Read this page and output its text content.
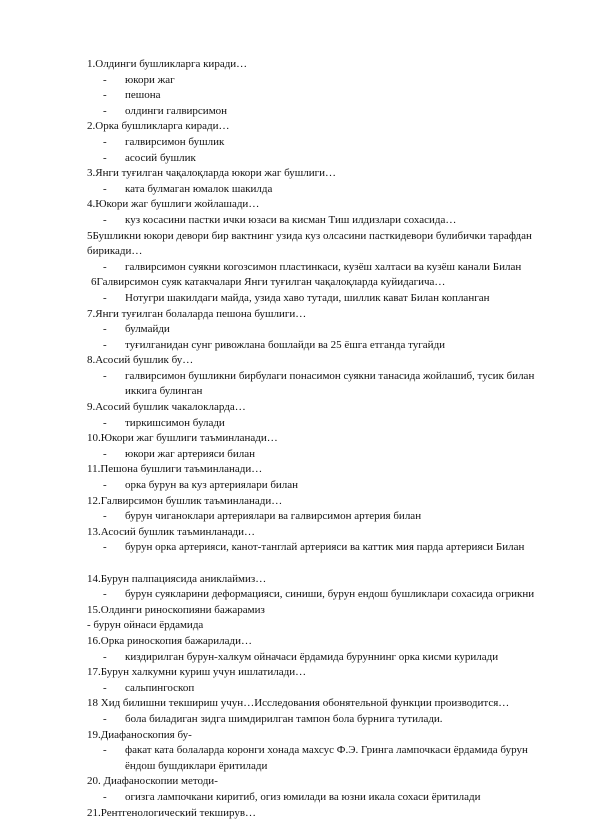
1.Олдинги бушликларга киради…

- юкори жаг
- пешона
- олдинги галвирсимон

2.Орка бушликларга киради…

- галвирсимон бушлик
- асосий бушлик

3.Янги туғилган чақалоқларда юкори жаг бушлиги…

- ката булмаган юмалок шакилда

4.Юкори жаг бушлиги жойлашади…

- куз косасини пастки ички юзаси ва кисман Тиш илдизлари сохасида…

5Бушликни юкори девори бир вактнинг узида куз олсасини пасткидевори булибички тарафдан бирикади…

- галвирсимон суякни когозсимон пластинкаси, кузёш халтаси ва кузёш канали Билан

6Галвирсимон суяк катакчалари Янги туғилган чақалоқларда куйидагича…

- Нотугри шакилдаги майда, узида хаво тутади, шиллик кават Билан копланган

7.Янги туғилган болаларда пешона бушлиги…

- булмайди
- туғилганидан сунг ривожлана бошлайди ва 25 ёшга етганда тугайди

8.Асосий бушлик бу…

- галвирсимон бушликни бирбулаги понасимон суякни танасида жойлашиб, тусик билан иккига булинган

9.Асосий бушлик чакалокларда…

- тиркишсимон булади

10.Юкори жаг бушлиги таъминланади…

- юкори жаг артерияси билан

11.Пешона бушлиги таъминланади…

- орка бурун ва куз артериялари билан

12.Галвирсимон бушлик таъминланади…

- бурун чиганоклари артериялари ва галвирсимон артерия билан

13.Асосий бушлик таъминланади…

- бурун орка артерияси, канот-танглай артерияси ва каттик мия парда артерияси Билан

14.Бурун палпациясида аниклаймиз…

- бурун суякларини деформацияси, синиши, бурун ендош бушликлари сохасида огрикни

15.Олдинги риноскопияни бажарамиз

- бурун ойнаси ёрдамида

16.Орка риноскопия бажарилади…

- киздирилган бурун-халкум ойначаси ёрдамида буруннинг орка кисми курилади

17.Бурун халкумни куриш учун ишлатилади…

- сальпингоскоп

18 Хид билишни текшириш учун…Исследования обонятельной функции производится…

- бола биладиган зидга шимдирилган тампон бола бурнига тутилади.

19.Диафаноскопия бу-

- факат ката болаларда коронги хонада махсус Ф.Э. Гринга лампочкаси ёрдамида бурун ёндош бушдиклари ёритилади

20. Диафаноскопии методи-

- огизга лампочкани киритиб, огиз юмилади ва юзни икала сохаси ёритилади

21.Рентгенологический текширув…
